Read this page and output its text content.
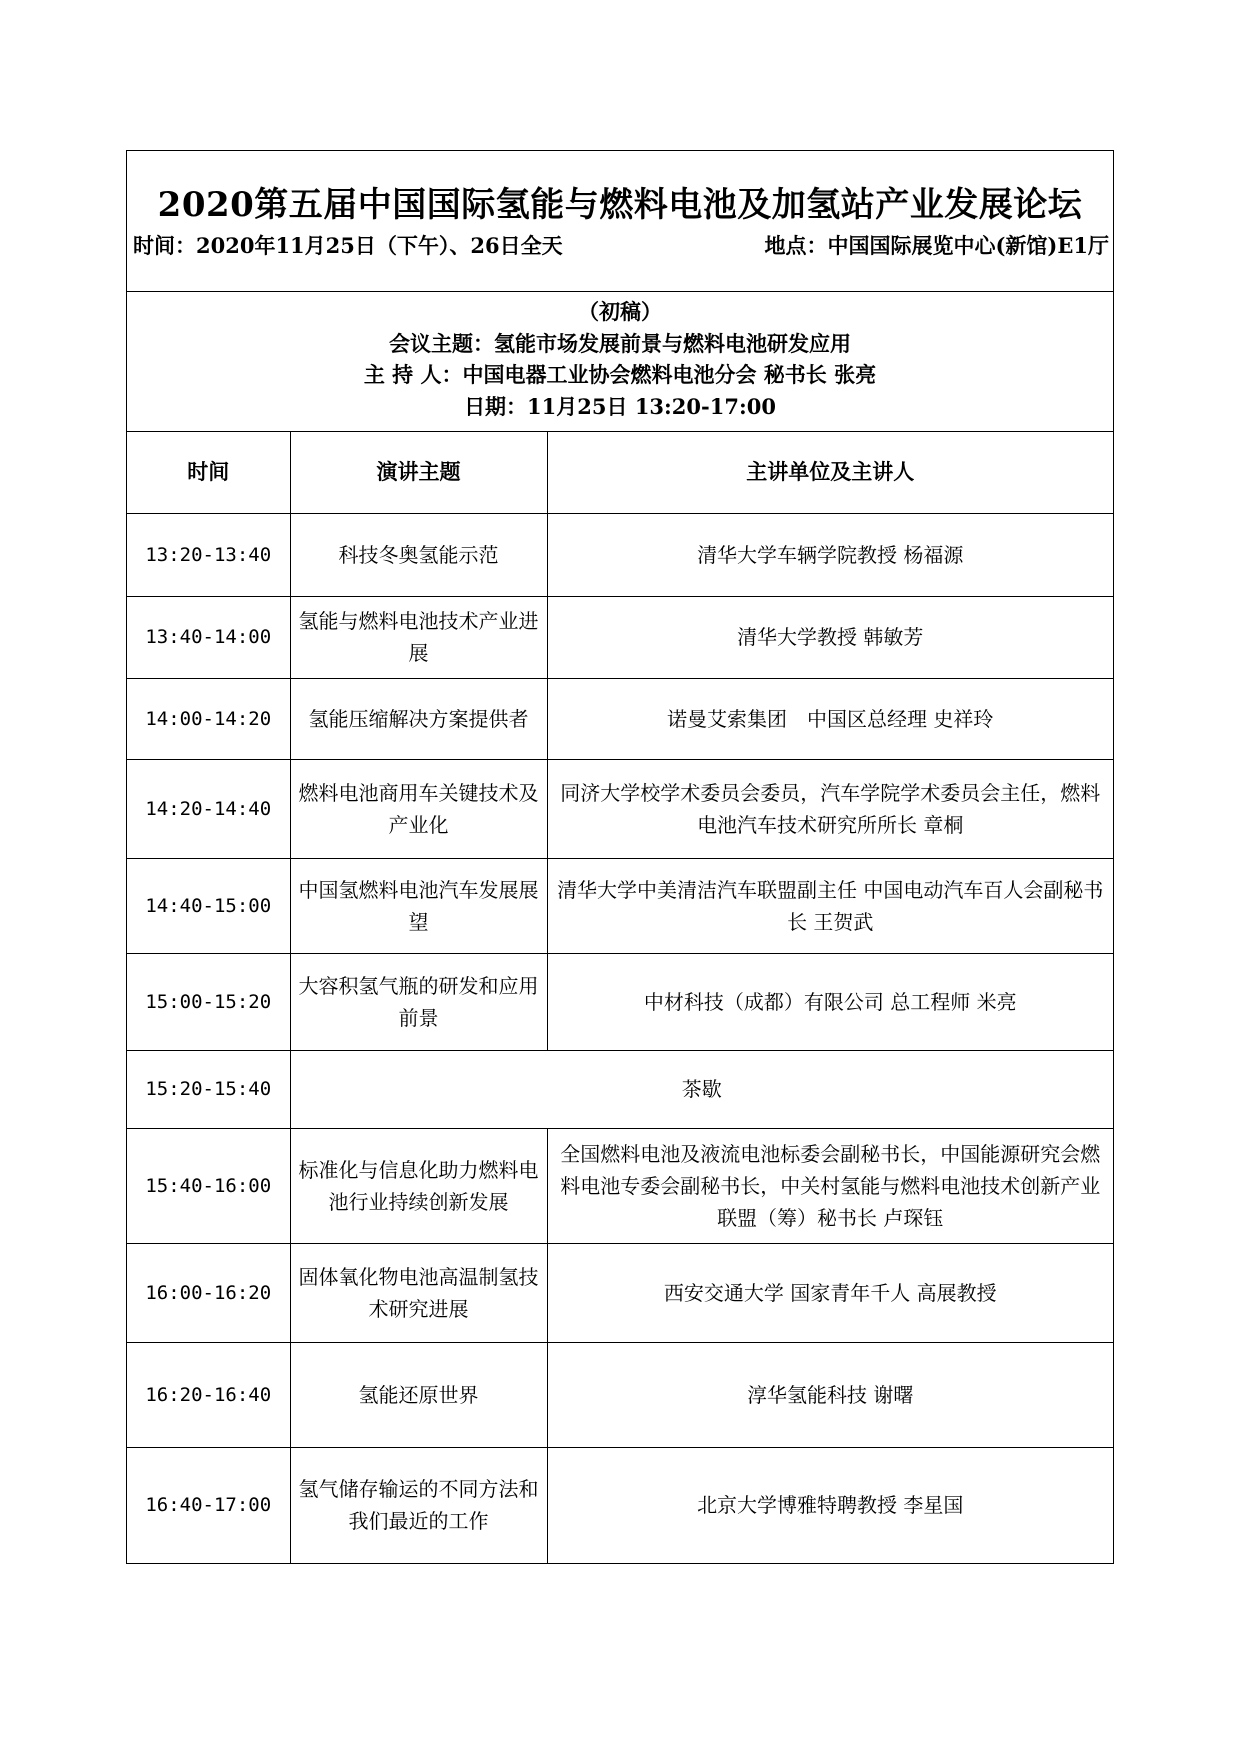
2020第五届中国国际氢能与燃料电池及加氢站产业发展论坛
时间：2020年11月25日（下午）、26日全天	地点：中国国际展览中心(新馆)E1厅
（初稿）
会议主题：氢能市场发展前景与燃料电池研发应用
主 持 人：中国电器工业协会燃料电池分会 秘书长 张亮
日期：11月25日 13:20-17:00
时间	演讲主题	主讲单位及主讲人
13:20-13:40	科技冬奥氢能示范	清华大学车辆学院教授 杨福源
13:40-14:00	氢能与燃料电池技术产业进展	清华大学教授 韩敏芳
14:00-14:20	氢能压缩解决方案提供者	诺曼艾索集团　中国区总经理 史祥玲
14:20-14:40	燃料电池商用车关键技术及产业化	同济大学校学术委员会委员，汽车学院学术委员会主任，燃料电池汽车技术研究所所长 章桐
14:40-15:00	中国氢燃料电池汽车发展展望	清华大学中美清洁汽车联盟副主任 中国电动汽车百人会副秘书长 王贺武
15:00-15:20	大容积氢气瓶的研发和应用前景	中材科技（成都）有限公司 总工程师 米亮
15:20-15:40	茶歇	
15:40-16:00	标准化与信息化助力燃料电池行业持续创新发展	全国燃料电池及液流电池标委会副秘书长，中国能源研究会燃料电池专委会副秘书长，中关村氢能与燃料电池技术创新产业联盟（筹）秘书长 卢琛钰
16:00-16:20	固体氧化物电池高温制氢技术研究进展	西安交通大学 国家青年千人 高展教授
16:20-16:40	氢能还原世界	淳华氢能科技 谢曙
16:40-17:00	氢气储存输运的不同方法和我们最近的工作	北京大学博雅特聘教授 李星国
